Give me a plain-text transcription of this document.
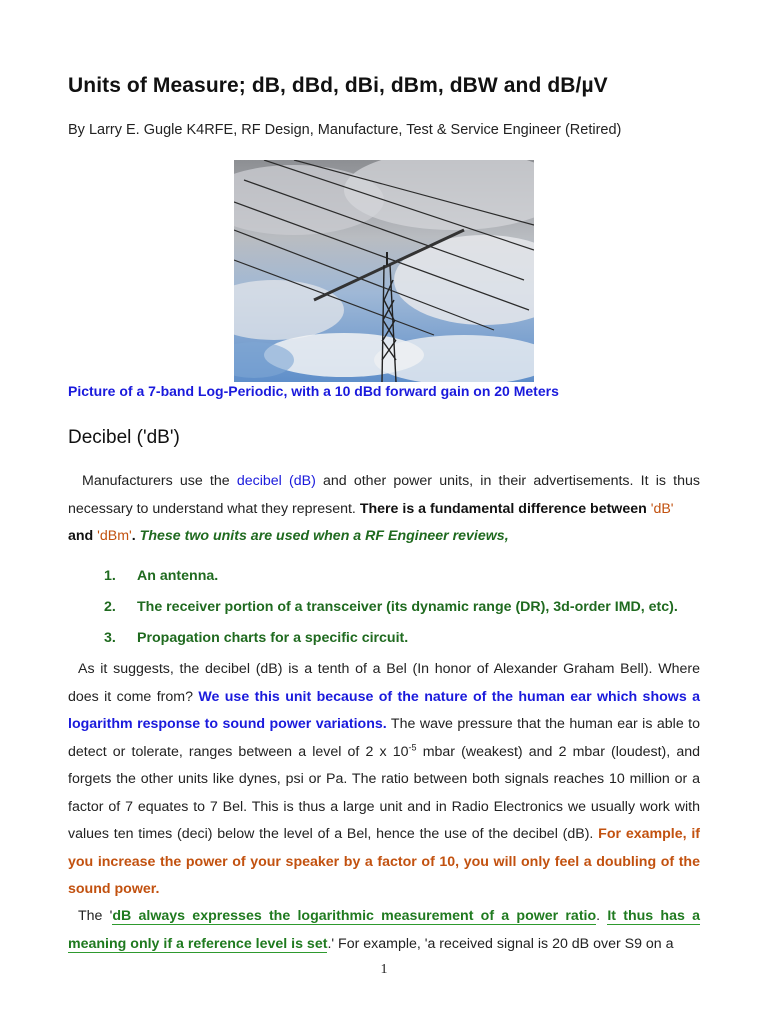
Units of Measure; dB, dBd, dBi, dBm, dBW and dB/µV

By Larry E. Gugle K4RFE, RF Design, Manufacture, Test & Service Engineer (Retired)

Picture of a 7-band Log-Periodic, with a 10 dBd forward gain on 20 Meters

Decibel ('dB')

Manufacturers use the decibel (dB) and other power units, in their advertisements. It is thus necessary to understand what they represent. There is a fundamental difference between 'dB'
and 'dBm'. These two units are used when a RF Engineer reviews,

1. An antenna.
2. The receiver portion of a transceiver (its dynamic range (DR), 3d-order IMD, etc).
3. Propagation charts for a specific circuit.

As it suggests, the decibel (dB) is a tenth of a Bel (In honor of Alexander Graham Bell). Where does it come from? We use this unit because of the nature of the human ear which shows a logarithm response to sound power variations. The wave pressure that the human ear is able to detect or tolerate, ranges between a level of 2 x $10^{-5}$ mbar (weakest) and 2 mbar (loudest), and forgets the other units like dynes, psi or Pa. The ratio between both signals reaches 10 million or a factor of 7 equates to 7 Bel. This is thus a large unit and in Radio Electronics we usually work with values ten times (deci) below the level of a Bel, hence the use of the decibel (dB). For example, if you increase the power of your speaker by a factor of 10, you will only feel a doubling of the sound power.

The 'dB always expresses the logarithmic measurement of a power ratio. It thus has a meaning only if a reference level is set.' For example, 'a received signal is 20 dB over S9 on a

1
